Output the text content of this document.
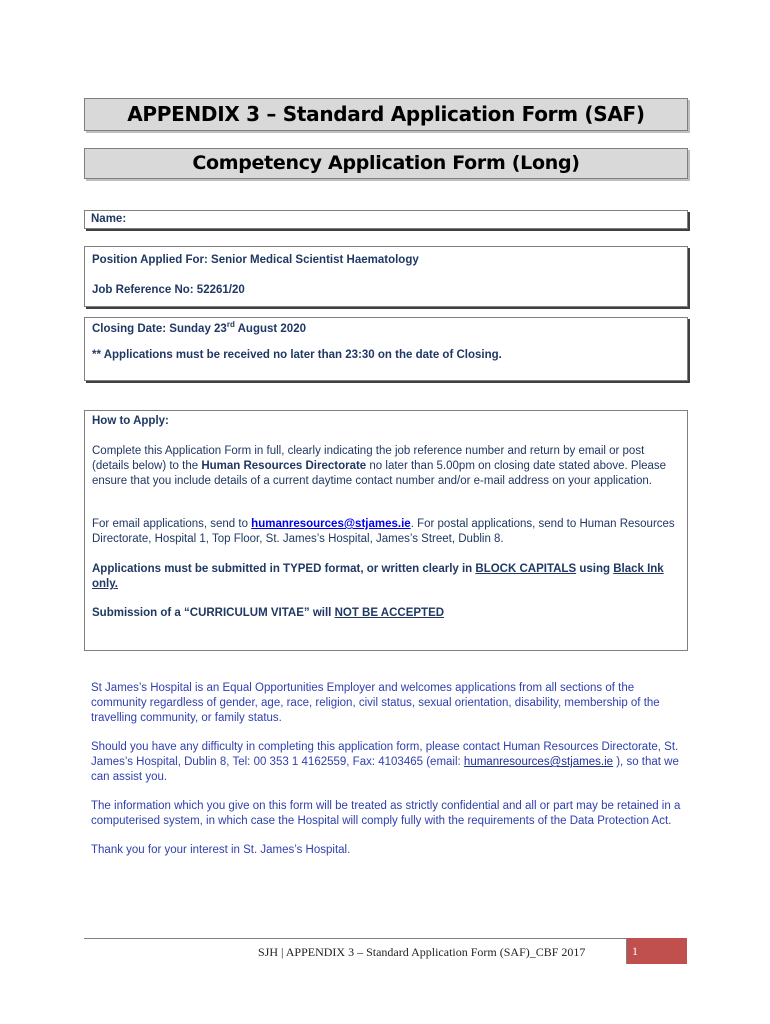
APPENDIX 3 – Standard Application Form (SAF)
Competency Application Form (Long)
Name:
Position Applied For: Senior Medical Scientist Haematology
Job Reference No: 52261/20
Closing Date: Sunday 23rd August 2020
** Applications must be received no later than 23:30 on the date of Closing.

How to Apply:

Complete this Application Form in full, clearly indicating the job reference number and return by email or post (details below) to the Human Resources Directorate no later than 5.00pm on closing date stated above. Please ensure that you include details of a current daytime contact number and/or e-mail address on your application.

For email applications, send to humanresources@stjames.ie. For postal applications, send to Human Resources Directorate, Hospital 1, Top Floor, St. James’s Hospital, James’s Street, Dublin 8.

Applications must be submitted in TYPED format, or written clearly in BLOCK CAPITALS using Black Ink only.

Submission of a “CURRICULUM VITAE” will NOT BE ACCEPTED

St James’s Hospital is an Equal Opportunities Employer and welcomes applications from all sections of the community regardless of gender, age, race, religion, civil status, sexual orientation, disability, membership of the travelling community, or family status.

Should you have any difficulty in completing this application form, please contact Human Resources Directorate, St. James’s Hospital, Dublin 8, Tel: 00 353 1 4162559, Fax: 4103465 (email: humanresources@stjames.ie ), so that we can assist you.

The information which you give on this form will be treated as strictly confidential and all or part may be retained in a computerised system, in which case the Hospital will comply fully with the requirements of the Data Protection Act.

Thank you for your interest in St. James’s Hospital.

SJH | APPENDIX 3 – Standard Application Form (SAF)_CBF 2017	1
